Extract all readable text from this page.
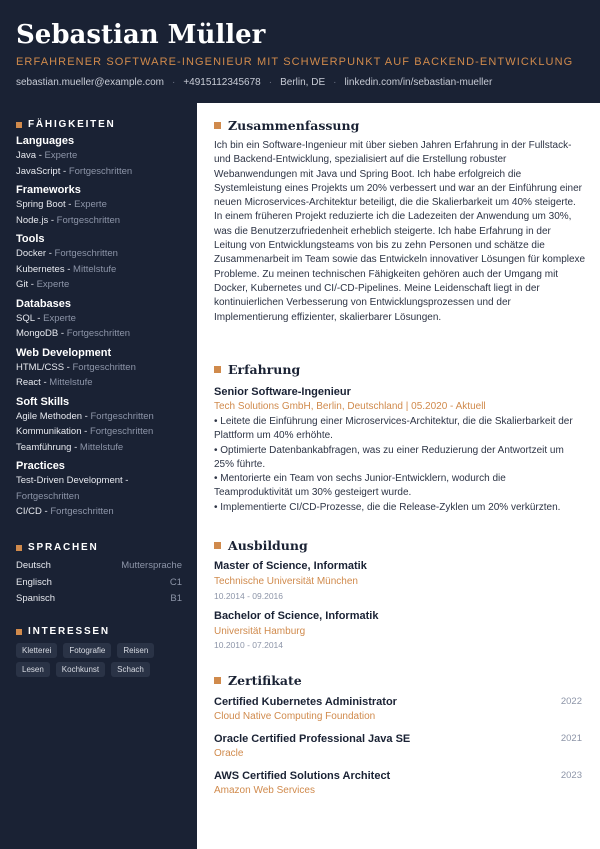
Sebastian Müller
ERFAHRENER SOFTWARE-INGENIEUR MIT SCHWERPUNKT AUF BACKEND-ENTWICKLUNG
sebastian.mueller@example.com · +4915112345678 · Berlin, DE · linkedin.com/in/sebastian-mueller
FÄHIGKEITEN
Languages
Java - Experte
JavaScript - Fortgeschritten
Frameworks
Spring Boot - Experte
Node.js - Fortgeschritten
Tools
Docker - Fortgeschritten
Kubernetes - Mittelstufe
Git - Experte
Databases
SQL - Experte
MongoDB - Fortgeschritten
Web Development
HTML/CSS - Fortgeschritten
React - Mittelstufe
Soft Skills
Agile Methoden - Fortgeschritten
Kommunikation - Fortgeschritten
Teamführung - Mittelstufe
Practices
Test-Driven Development -
Fortgeschritten
CI/CD - Fortgeschritten
SPRACHEN
Deutsch	Muttersprache
Englisch	C1
Spanisch	B1
INTERESSEN
Kletterei	Fotografie	Reisen
Lesen	Kochkunst	Schach
Zusammenfassung
Ich bin ein Software-Ingenieur mit über sieben Jahren Erfahrung in der Fullstack- und Backend-Entwicklung, spezialisiert auf die Erstellung robuster Webanwendungen mit Java und Spring Boot. Ich habe erfolgreich die Systemleistung eines Projekts um 20% verbessert und war an der Einführung einer neuen Microservices-Architektur beteiligt, die die Skalierbarkeit um 40% steigerte. In einem früheren Projekt reduzierte ich die Ladezeiten der Anwendung um 30%, was die Benutzerzufriedenheit erheblich steigerte. Ich habe Erfahrung in der Leitung von Entwicklungsteams von bis zu zehn Personen und schätze die Zusammenarbeit im Team sowie das Entwickeln innovativer Lösungen für komplexe Probleme. Zu meinen technischen Fähigkeiten gehören auch der Umgang mit Docker, Kubernetes und CI/-CD-Pipelines. Meine Leidenschaft liegt in der kontinuierlichen Verbesserung von Entwicklungsprozessen und der Implementierung effizienter, skalierbarer Lösungen.
Erfahrung
Senior Software-Ingenieur
Tech Solutions GmbH, Berlin, Deutschland | 05.2020 - Aktuell
• Leitete die Einführung einer Microservices-Architektur, die die Skalierbarkeit der Plattform um 40% erhöhte.
• Optimierte Datenbankabfragen, was zu einer Reduzierung der Antwortzeit um 25% führte.
• Mentorierte ein Team von sechs Junior-Entwicklern, wodurch die Teamproduktivität um 30% gesteigert wurde.
• Implementierte CI/CD-Prozesse, die die Release-Zyklen um 20% verkürzten.
Ausbildung
Master of Science, Informatik
Technische Universität München
10.2014 - 09.2016
Bachelor of Science, Informatik
Universität Hamburg
10.2010 - 07.2014
Zertifikate
Certified Kubernetes Administrator	2022
Cloud Native Computing Foundation
Oracle Certified Professional Java SE	2021
Oracle
AWS Certified Solutions Architect	2023
Amazon Web Services
